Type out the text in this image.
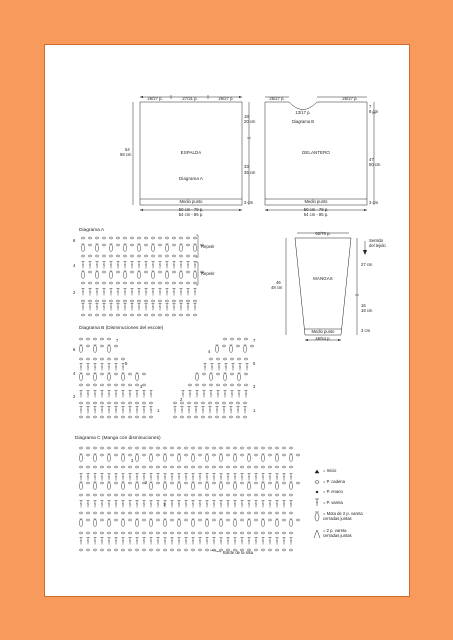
26/27 p.	27/31 p.	26/27 p.
ESPALDA
Diagrama A
54
58 cm
18
20 cm
33
35 cm
3 cm
Medio punto
50 cm - 79 p.
54 cm - 85 p.
26/27 p.	26/27 p.
13/17 p.
Diagrama B
DELANTERO
7
8 cm
47
50 cm
3 cm
Medio punto
50 cm - 79 p.
54 cm - 85 p.
62/70 p.
Sentido
del tejido
27 cm
MANGAS
46
48 cm
16
18 cm
3 cm
Medio punto
46/54 p.
Diagrama A
6
4
2
Repetir
Repetir
Diagrama B (Disminuciones del escote)
6
4
2
7
5
3
1
7
5
3
1
4
2
Diagrama C (Manga con disminuciones)
3
2
1
Borde de la sisa
= Inicio
= P. cadena
= P. enano
= P. vareta
= Mota de 2 p. vareta
cerradas juntas
= 2 p. vareta
cerradas juntas
